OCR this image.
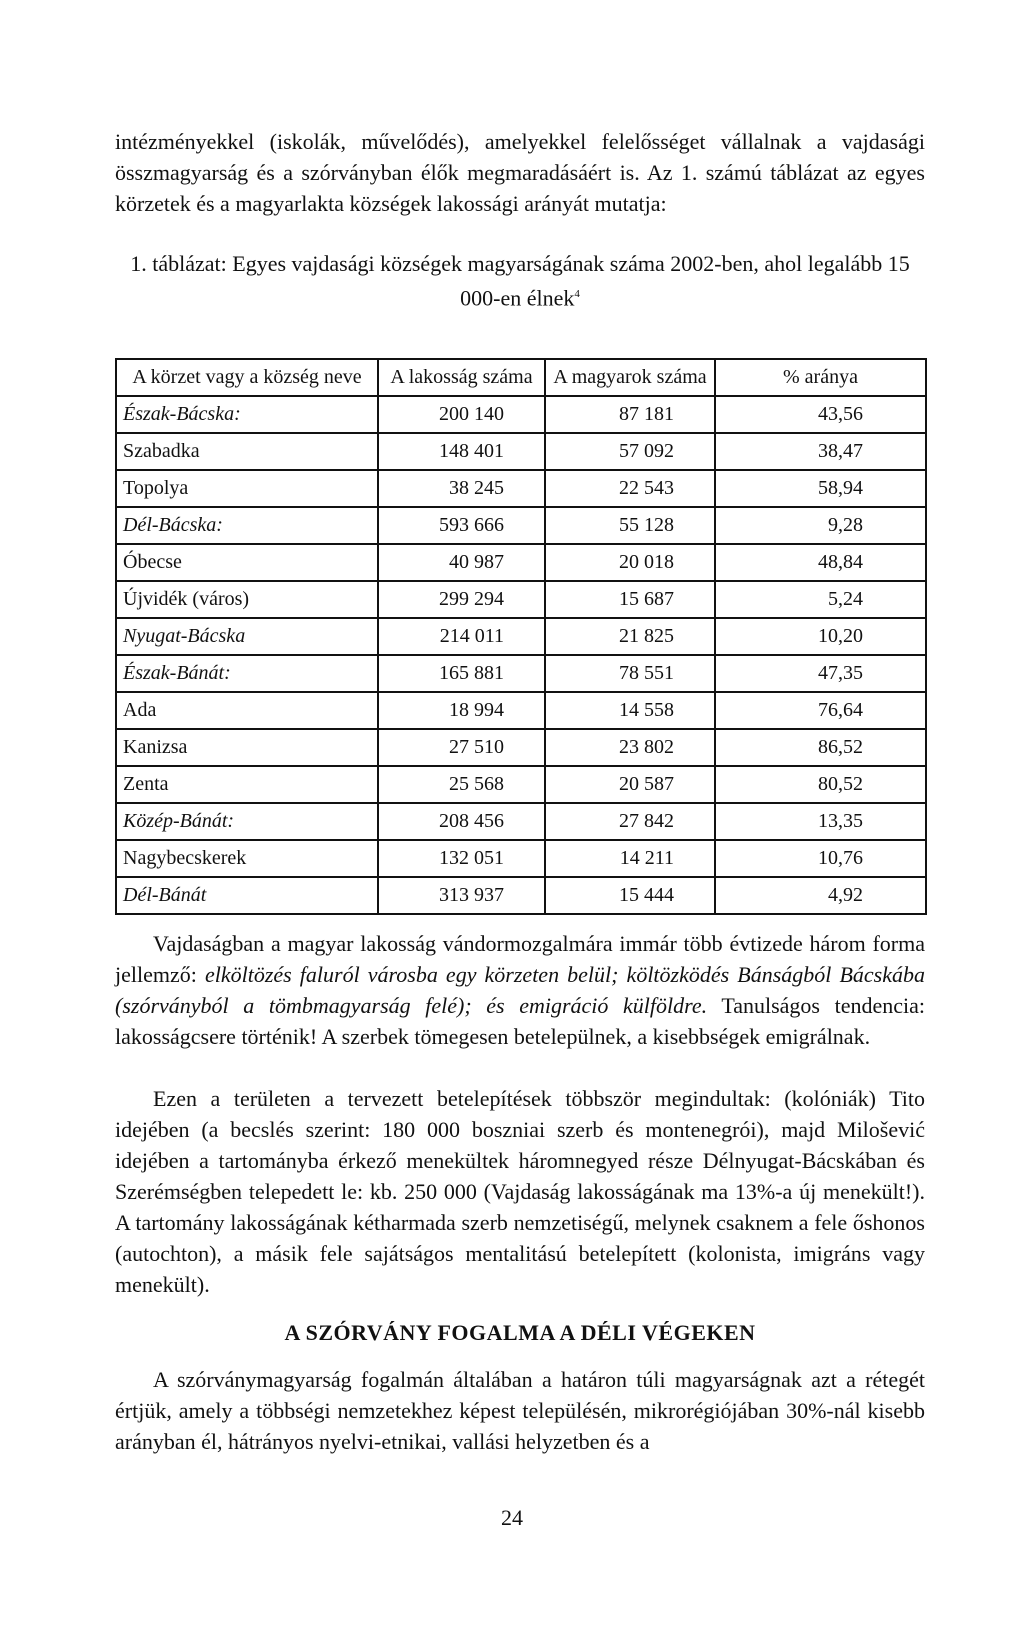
intézményekkel (iskolák, művelődés), amelyekkel felelősséget vállalnak a vajdasági összmagyarság és a szórványban élők megmaradásáért is. Az 1. számú táblázat az egyes körzetek és a magyarlakta községek lakossági arányát mutatja:

1. táblázat: Egyes vajdasági községek magyarságának száma 2002-ben, ahol legalább 15 000-en élnek$^4$

A körzet vagy a község neve	A lakosság száma	A magyarok száma	% aránya
Észak-Bácska:	200 140	87 181	43,56
Szabadka	148 401	57 092	38,47
Topolya	38 245	22 543	58,94
Dél-Bácska:	593 666	55 128	9,28
Óbecse	40 987	20 018	48,84
Újvidék (város)	299 294	15 687	5,24
Nyugat-Bácska	214 011	21 825	10,20
Észak-Bánát:	165 881	78 551	47,35
Ada	18 994	14 558	76,64
Kanizsa	27 510	23 802	86,52
Zenta	25 568	20 587	80,52
Közép-Bánát:	208 456	27 842	13,35
Nagybecskerek	132 051	14 211	10,76
Dél-Bánát	313 937	15 444	4,92

Vajdaságban a magyar lakosság vándormozgalmára immár több évtizede három forma jellemző: elköltözés faluról városba egy körzeten belül; költözködés Bánságból Bácskába (szórványból a tömbmagyarság felé); és emigráció külföldre. Tanulságos tendencia: lakosságcsere történik! A szerbek tömegesen betelepülnek, a kisebbségek emigrálnak.

Ezen a területen a tervezett betelepítések többször megindultak: (kolóniák) Tito idejében (a becslés szerint: 180 000 boszniai szerb és montenegrói), majd Milošević idejében a tartományba érkező menekültek háromnegyed része Délnyugat-Bácskában és Szerémségben telepedett le: kb. 250 000 (Vajdaság lakosságának ma 13%-a új menekült!). A tartomány lakosságának kétharmada szerb nemzetiségű, melynek csaknem a fele őshonos (autochton), a másik fele sajátságos mentalitású betelepített (kolonista, imigráns vagy menekült).

A SZÓRVÁNY FOGALMA A DÉLI VÉGEKEN

A szórványmagyarság fogalmán általában a határon túli magyarságnak azt a rétegét értjük, amely a többségi nemzetekhez képest településén, mikrorégiójában 30%-nál kisebb arányban él, hátrányos nyelvi-etnikai, vallási helyzetben és a

24
